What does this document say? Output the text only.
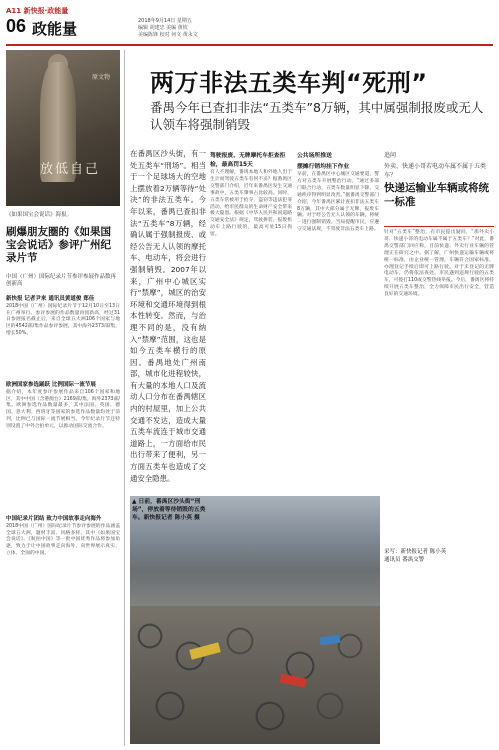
A11 新快报·政能量
06 政能量	2018年9月14日 星期五
编辑 胡建忠 美编 黄钦
美编陈锋 校对 何文 黄永文
原文物
放低自己
《如果国宝会说话》海报。
刷爆朋友圈的《如果国宝会说话》参评广州纪录片节
中国（广州）国际纪录片节参评参展作品数再创新高
新快报 记者尹来 通讯员黄道俊 郑佳
2018中国（广州）国际纪录片节于12月10日至13日在广州举行。参评参展的作品数量再创新高，经过31日参展报名截止后，来自全球五大洲106个国家与地区的4542部/集作品参评参展，其中海外2373部/集，增长50%。
欧洲国家参选踊跃 比例国际一流节展
据介绍，本年度参评参展作品来自106个国家和地区，其中中国（含港澳台）2169部/集，海外2373部/集。欧洲参选作品数量最多，其中法国、英国、德国、意大利、西班牙等国家的参选作品数量均处于前列，比例已与国际一流节展相当。今年纪录片节还特别设置了中外合拍单元，以推动国际交流合作。
中国纪录片团结 致力中国故事走向海外
2018中国（广州）国际纪录片节参评参展的作品涵盖全球五大洲，题材丰富、风格多样，其中《如果国宝会说话》、《航拍中国》等一批中国优秀作品将参加角逐，致力于让中国故事走向海外，向世界展示真实、立体、全面的中国。
两万非法五类车判“死刑”
番禺今年已查扣非法“五类车”8万辆，其中属强制报废或无人认领车将强制销毁
在番禺区沙头街，有一处五类车“刑场”。相当于一个足球场大的空地上摆放着2万辆等待“处决”的非法五类车。今年以来，番禺已查扣非法“五类车”8万辆，经确认属于强制报废、或经公告无人认领的摩托车、电动车，将会进行强制销毁。2007年以来，广州中心城区实行“禁摩”，城区的治安环境和交通环境得到根本性转变。然而，与治理不同的是，没有纳入“禁摩”范围，这也是如今五类车横行的原因。番禺地处广州南部，城市化进程较快，有大量的本地人口及流动人口分布在番禺辖区内的村屋里，加上公共交通不发达，造成大量五类车流连于城市交通道路上，一方面给市民出行带来了便利，另一方面五类车也造成了交通安全隐患。
驾驶报废、无牌摩托车拒查拒检，最高罚15天
有人不理解，番禺本地人和外地人出于生计而驾驶五类车有何不妥？据番禺区交警部门介绍，近年来番禺区发生交通事故中，五类车肇事占比较高。同时，五类车常被用于抢夺、盗窃等违法犯罪活动，给市民群众的生命财产安全带来极大隐患。根据《中华人民共和国道路交通安全法》规定，驾驶拼装、报废机动车上路行驶的，最高可处15日拘留。
公共场所推送
摆摊行销均挂下作业
早前，在番禺区中心城区交通要道，警方对五类车开展整治行动。“通过多部门联合行动，五类车数量明显下降，交通秩序得到明显改善。”据番禺交警部门介绍，今年番禺区累计查扣非法五类车8万辆，其中大部分属于无牌、报废车辆。对于经公告无人认领的车辆，将统一进行强制销毁。当局提醒市民，应遵守交通法规，不驾驶非法五类车上路。
追问
外卖、快递小哥若电动车属不属于五类车？
快递运输业车辆或将统一标准
针对“五类车”整治，有市民提出疑问，“那外卖小哥、快递小哥的电动车属不属于五类车？”对此，番禺交警部门回应称，目前快递、外卖行业车辆的管理正在研究之中。据了解，广州快递运输车辆或将统一标准，由企业统一管理，车辆符合国家标准，办理登记手续后即可上路行驶。对于未登记的无牌电动车，仍将依法查处。市民遇到违规行驶的五类车，可拨打110或交警热线举报。今后，番禺区将持续开展五类车整治，全力保障市民出行安全，营造良好的交通环境。
采写：新快报记者 陈小英
通讯员 番禺交警
▲ 日前，番禺区沙头街“刑场”，停放着等待销毁的五类车。新快报记者 陈小英 摄
